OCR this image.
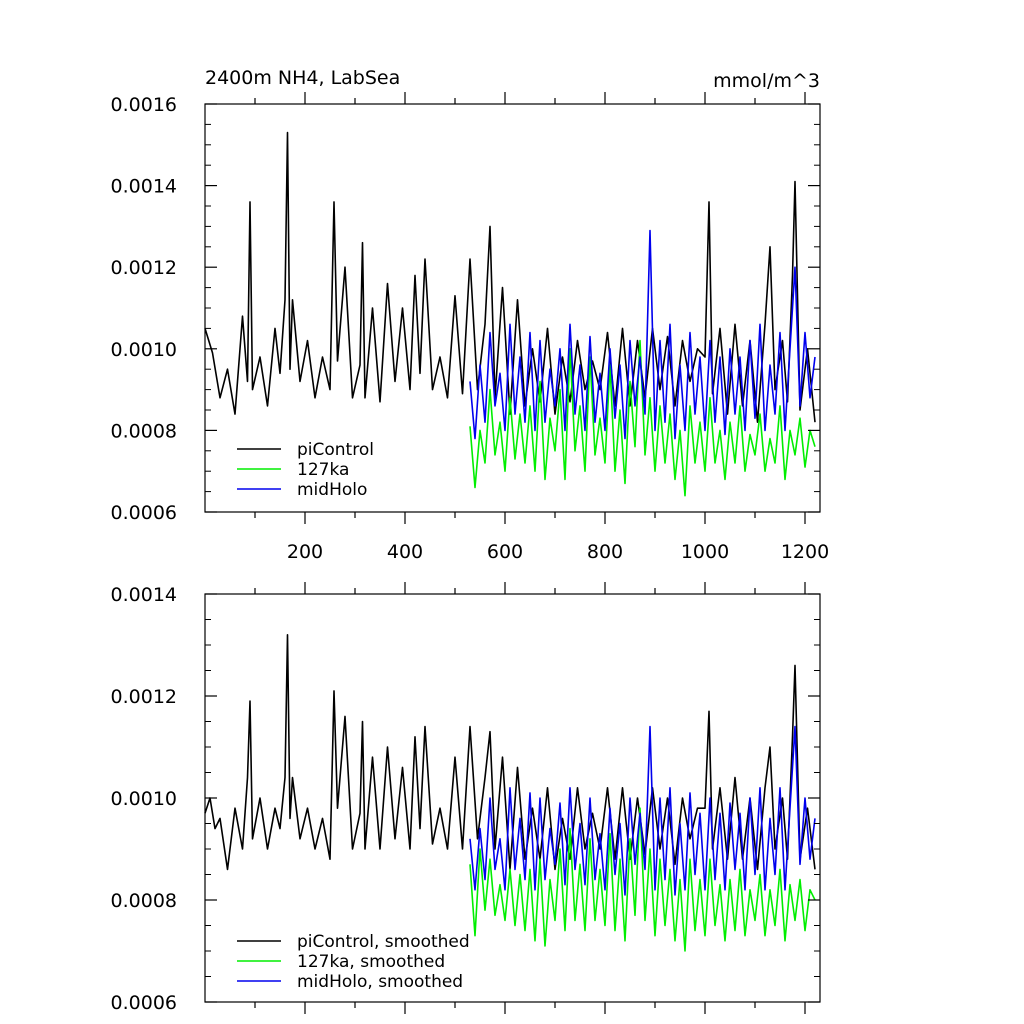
2400m NH4, LabSea	mmol/m^3
0.0006
0.0008
0.0010
0.0012
0.0014
0.0016
200	400	600	800	1000	1200
piControl
127ka
midHolo
0.0006
0.0008
0.0010
0.0012
0.0014
piControl, smoothed
127ka, smoothed
midHolo, smoothed
